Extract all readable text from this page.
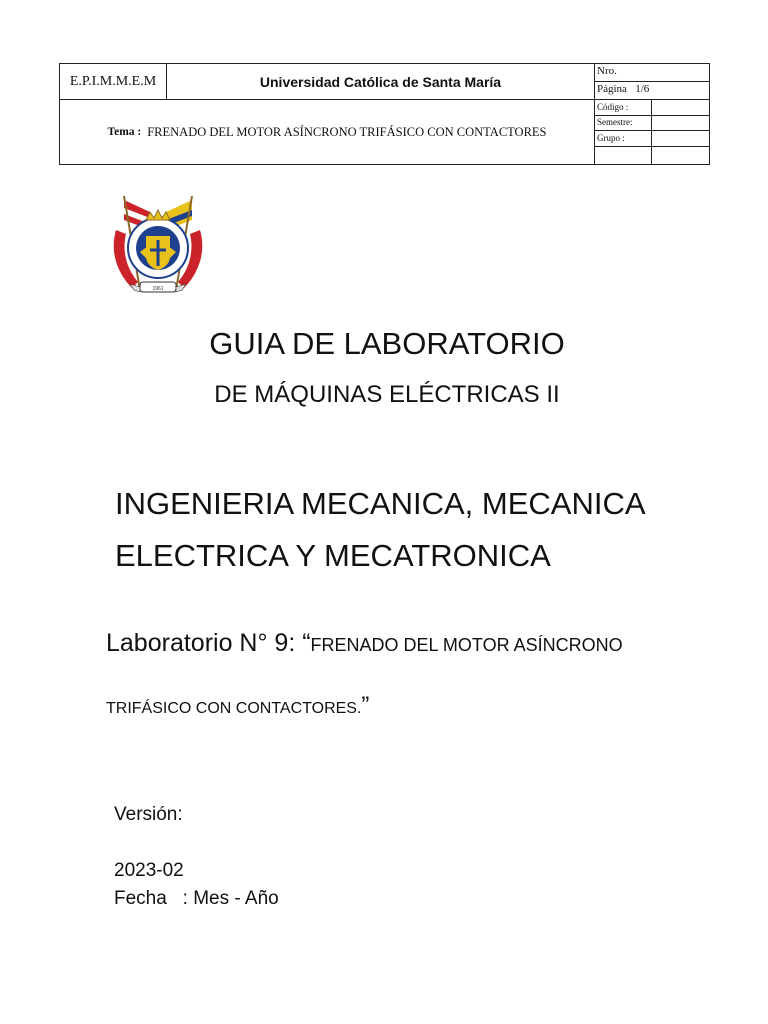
E.P.I.M.M.E.M	Universidad Católica de Santa María
Tema : FRENADO DEL MOTOR ASÍNCRONO TRIFÁSICO CON CONTACTORES
Nro.
Página 1/6
Código :
Semestre:
Grupo :
1961
GUIA DE LABORATORIO
DE MÁQUINAS ELÉCTRICAS II
INGENIERIA MECANICA, MECANICA
ELECTRICA Y MECATRONICA
Laboratorio N° 9: “FRENADO DEL MOTOR ASÍNCRONO
TRIFÁSICO CON CONTACTORES.”
Versión:
2023-02
Fecha   : Mes - Año
